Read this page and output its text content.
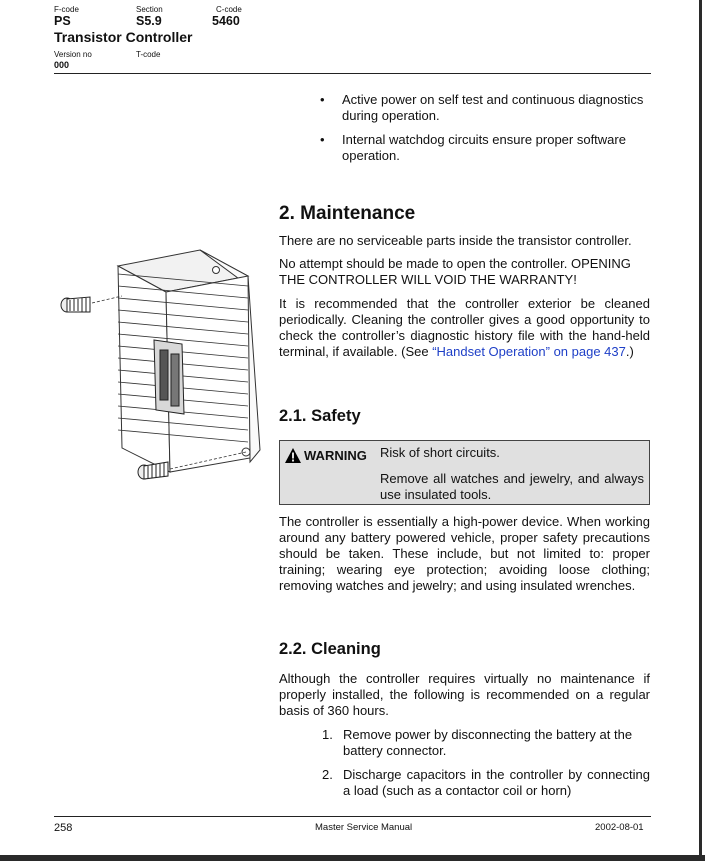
F-code
PS
Section
S5.9
C-code
5460
Transistor Controller
Version no	T-code
000
• Active power on self test and continuous diagnostics during operation.
• Internal watchdog circuits ensure proper software operation.
2. Maintenance
There are no serviceable parts inside the transistor controller.
No attempt should be made to open the controller. OPENING THE CONTROLLER WILL VOID THE WARRANTY!
It is recommended that the controller exterior be cleaned periodically. Cleaning the controller gives a good opportunity to check the controller’s diagnostic history file with the hand-held terminal, if available. (See “Handset Operation” on page 437.)
2.1. Safety
WARNING Risk of short circuits.
Remove all watches and jewelry, and always use insulated tools.
The controller is essentially a high-power device. When working around any battery powered vehicle, proper safety precautions should be taken. These include, but not limited to: proper training; wearing eye protection; avoiding loose clothing; removing watches and jewelry; and using insulated wrenches.
2.2. Cleaning
Although the controller requires virtually no maintenance if properly installed, the following is recommended on a regular basis of 360 hours.
1. Remove power by disconnecting the battery at the battery connector.
2. Discharge capacitors in the controller by connecting a load (such as a contactor coil or horn)
258	Master Service Manual	2002-08-01
